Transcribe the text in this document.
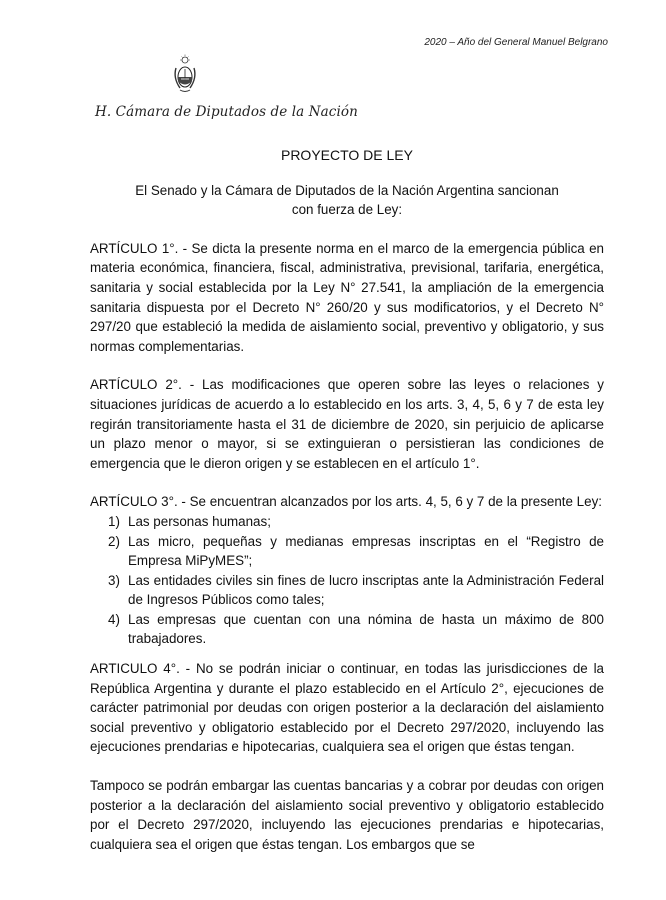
2020 – Año del General Manuel Belgrano
H. Cámara de Diputados de la Nación
PROYECTO DE LEY
El Senado y la Cámara de Diputados de la Nación Argentina sancionan
con fuerza de Ley:

ARTÍCULO 1°. - Se dicta la presente norma en el marco de la emergencia pública en materia económica, financiera, fiscal, administrativa, previsional, tarifaria, energética, sanitaria y social establecida por la Ley N° 27.541, la ampliación de la emergencia sanitaria dispuesta por el Decreto N° 260/20 y sus modificatorios, y el Decreto N° 297/20 que estableció la medida de aislamiento social, preventivo y obligatorio, y sus normas complementarias.

ARTÍCULO 2°. - Las modificaciones que operen sobre las leyes o relaciones y situaciones jurídicas de acuerdo a lo establecido en los arts. 3, 4, 5, 6 y 7 de esta ley regirán transitoriamente hasta el 31 de diciembre de 2020, sin perjuicio de aplicarse un plazo menor o mayor, si se extinguieran o persistieran las condiciones de emergencia que le dieron origen y se establecen en el artículo 1°.

ARTÍCULO 3°. - Se encuentran alcanzados por los arts. 4, 5, 6 y 7 de la presente Ley:

1) Las personas humanas;
2) Las micro, pequeñas y medianas empresas inscriptas en el “Registro de Empresa MiPyMES”;
3) Las entidades civiles sin fines de lucro inscriptas ante la Administración Federal de Ingresos Públicos como tales;
4) Las empresas que cuentan con una nómina de hasta un máximo de 800 trabajadores.

ARTICULO 4°. - No se podrán iniciar o continuar, en todas las jurisdicciones de la República Argentina y durante el plazo establecido en el Artículo 2°, ejecuciones de carácter patrimonial por deudas con origen posterior a la declaración del aislamiento social preventivo y obligatorio establecido por el Decreto 297/2020, incluyendo las ejecuciones prendarias e hipotecarias, cualquiera sea el origen que éstas tengan.

Tampoco se podrán embargar las cuentas bancarias y a cobrar por deudas con origen posterior a la declaración del aislamiento social preventivo y obligatorio establecido por el Decreto 297/2020, incluyendo las ejecuciones prendarias e hipotecarias, cualquiera sea el origen que éstas tengan. Los embargos que se
